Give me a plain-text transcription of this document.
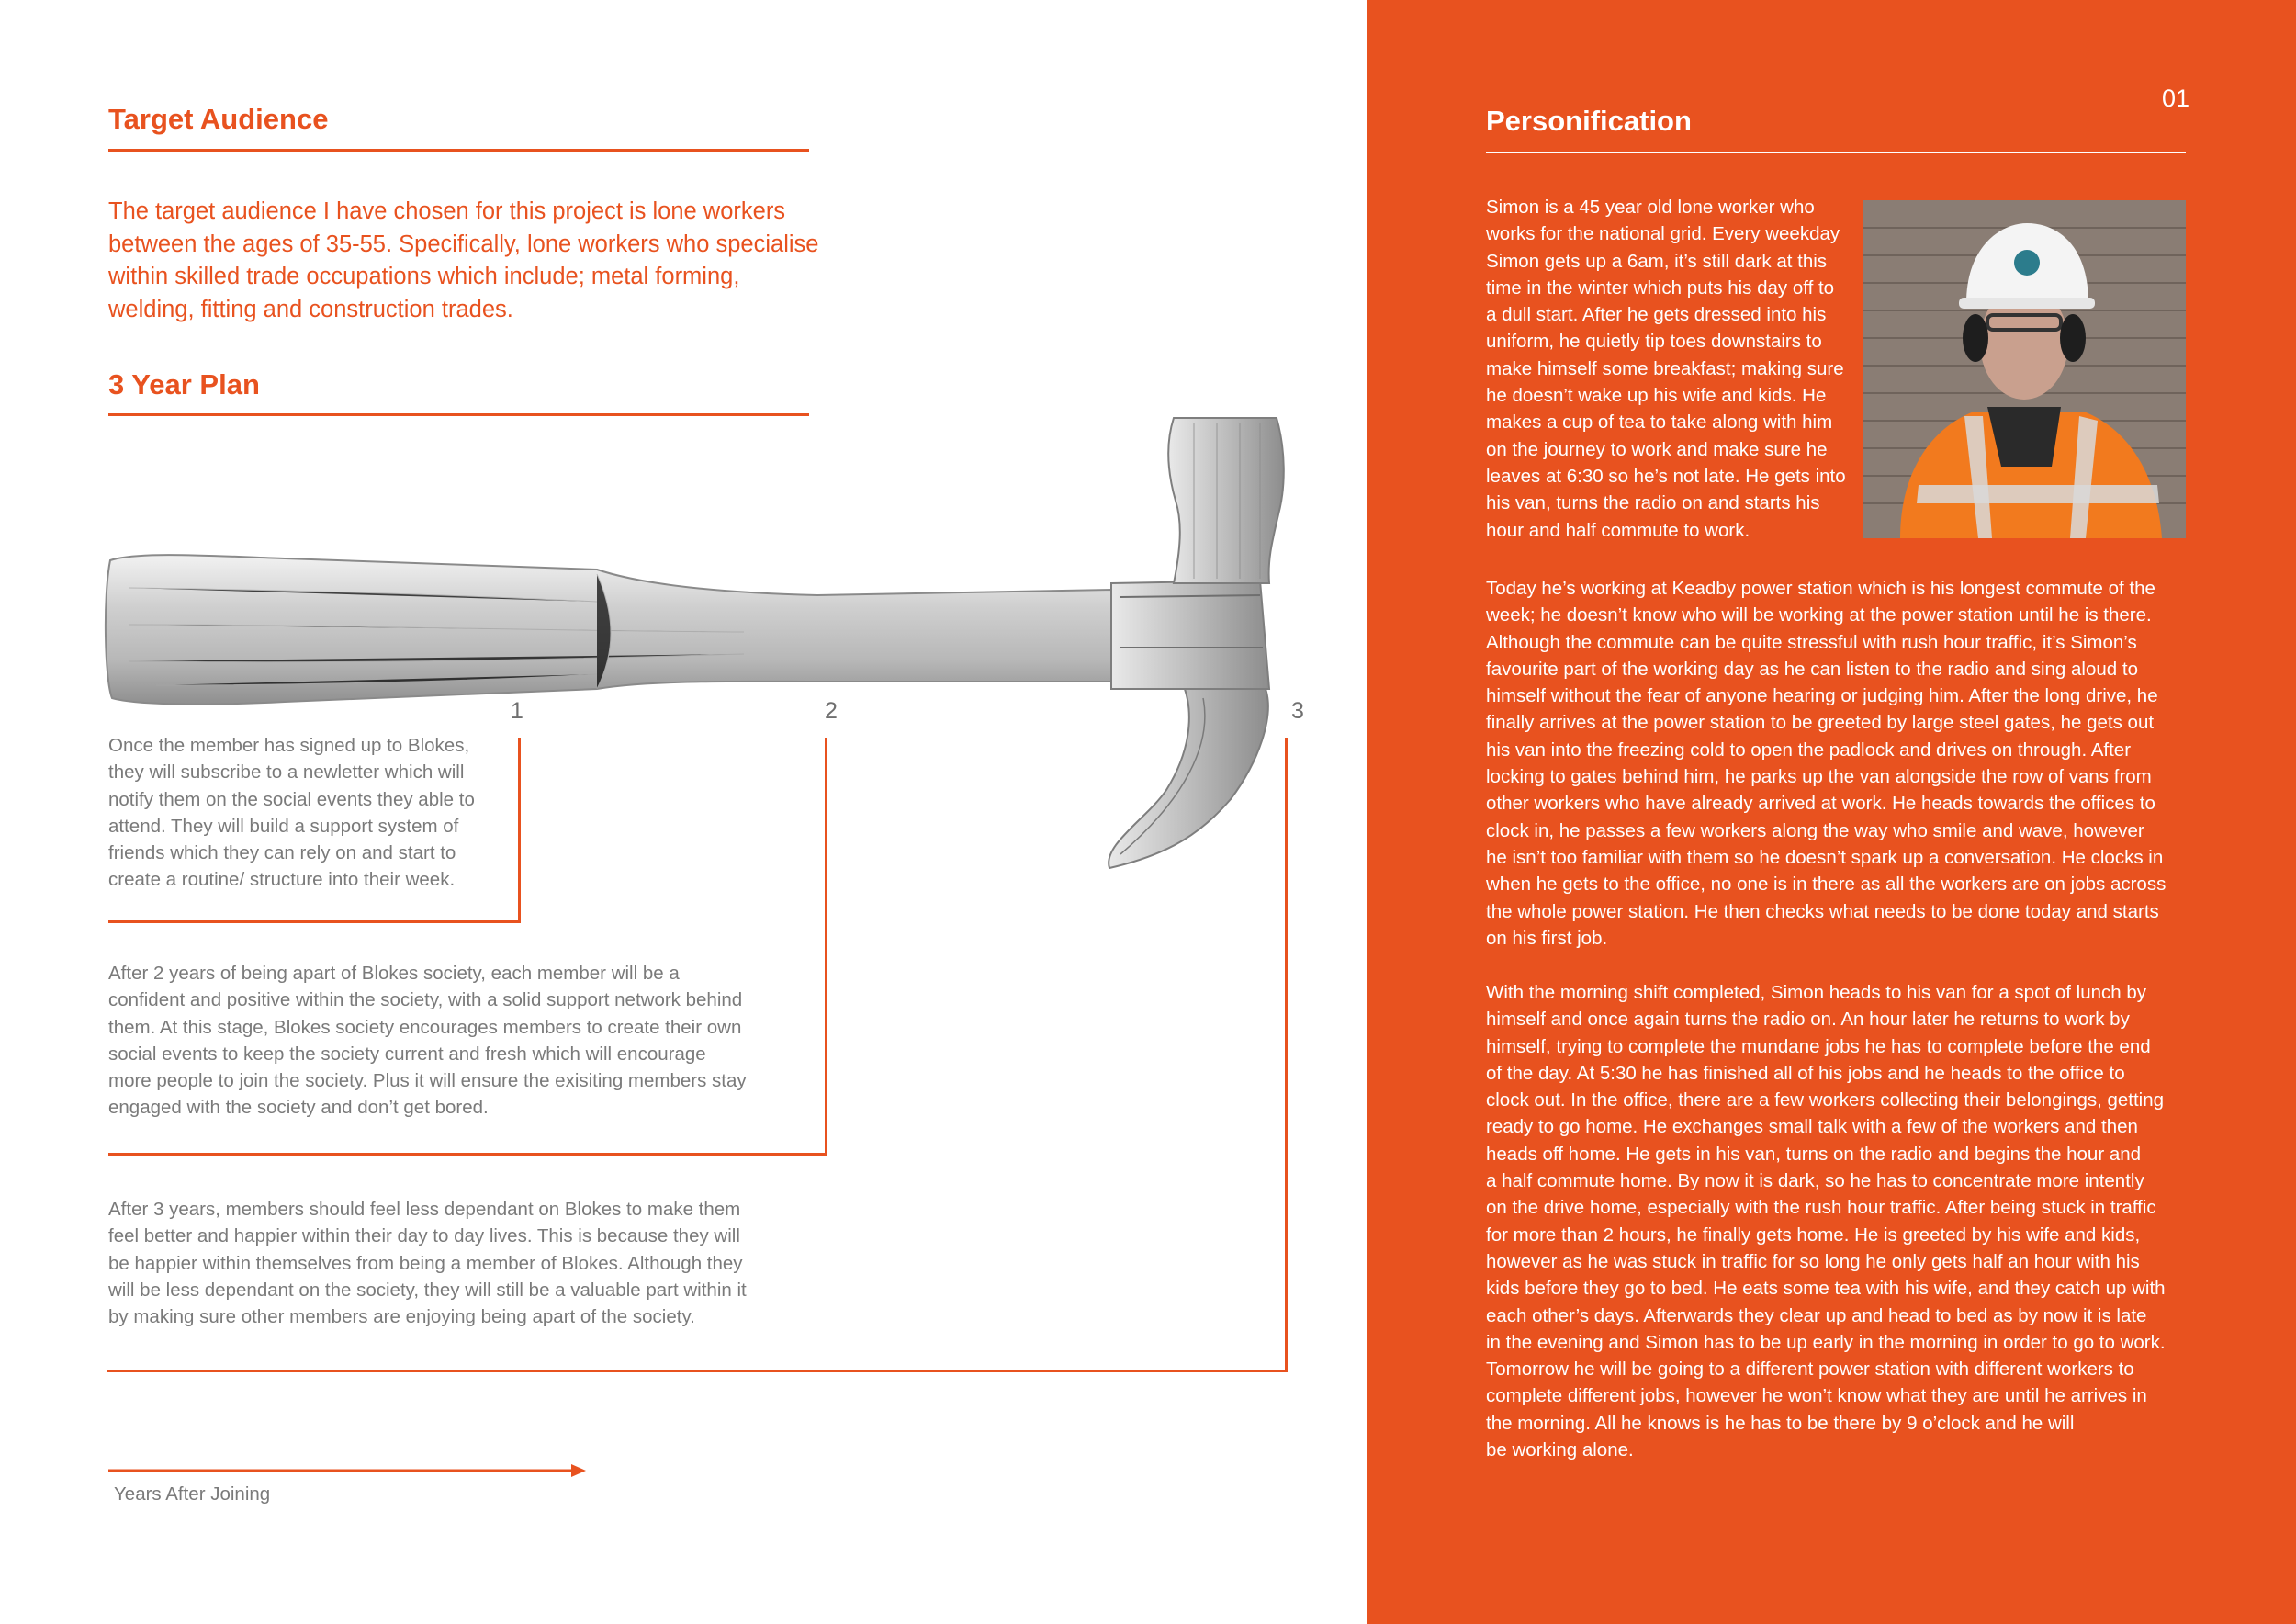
Target Audience
The target audience I have chosen for this project is lone workers
between the ages of 35-55. Specifically, lone workers who specialise
within skilled trade occupations which include; metal forming,
welding, fitting and construction trades.
3 Year Plan
1	2	3
Once the member has signed up to Blokes,
they will subscribe to a newletter which will
notify them on the social events they able to
attend. They will build a support system of
friends which they can rely on and start to
create a routine/ structure into their week.
After 2 years of being apart of Blokes society, each member will be a
confident and positive within the society, with a solid support network behind
them. At this stage, Blokes society encourages members to create their own
social events to keep the society current and fresh which will encourage
more people to join the society. Plus it will ensure the exisiting members stay
engaged with the society and don’t get bored.
After 3 years, members should feel less dependant on Blokes to make them
feel better and happier within their day to day lives. This is because they will
be happier within themselves from being a member of Blokes. Although they
will be less dependant on the society, they will still be a valuable part within it
by making sure other members are enjoying being apart of the society.
Years After Joining
01
Personification
Simon is a 45 year old lone worker who
works for the national grid. Every weekday
Simon gets up a 6am, it’s still dark at this
time in the winter which puts his day off to
a dull start. After he gets dressed into his
uniform, he quietly tip toes downstairs to
make himself some breakfast; making sure
he doesn’t wake up his wife and kids. He
makes a cup of tea to take along with him
on the journey to work and make sure he
leaves at 6:30 so he’s not late. He gets into
his van, turns the radio on and starts his
hour and half commute to work.
Today he’s working at Keadby power station which is his longest commute of the
week; he doesn’t know who will be working at the power station until he is there.
Although the commute can be quite stressful with rush hour traffic, it’s Simon’s
favourite part of the working day as he can listen to the radio and sing aloud to
himself without the fear of anyone hearing or judging him. After the long drive, he
finally arrives at the power station to be greeted by large steel gates, he gets out
his van into the freezing cold to open the padlock and drives on through. After
locking to gates behind him, he parks up the van alongside the row of vans from
other workers who have already arrived at work. He heads towards the offices to
clock in, he passes a few workers along the way who smile and wave, however
he isn’t too familiar with them so he doesn’t spark up a conversation. He clocks in
when he gets to the office, no one is in there as all the workers are on jobs across
the whole power station. He then checks what needs to be done today and starts
on his first job.
With the morning shift completed, Simon heads to his van for a spot of lunch by
himself and once again turns the radio on. An hour later he returns to work by
himself, trying to complete the mundane jobs he has to complete before the end
of the day. At 5:30 he has finished all of his jobs and he heads to the office to
clock out. In the office, there are a few workers collecting their belongings, getting
ready to go home. He exchanges small talk with a few of the workers and then
heads off home. He gets in his van, turns on the radio and begins the hour and
a half commute home. By now it is dark, so he has to concentrate more intently
on the drive home, especially with the rush hour traffic. After being stuck in traffic
for more than 2 hours, he finally gets home. He is greeted by his wife and kids,
however as he was stuck in traffic for so long he only gets half an hour with his
kids before they go to bed. He eats some tea with his wife, and they catch up with
each other’s days. Afterwards they clear up and head to bed as by now it is late
in the evening and Simon has to be up early in the morning in order to go to work.
Tomorrow he will be going to a different power station with different workers to
complete different jobs, however he won’t know what they are until he arrives in
the morning. All he knows is he has to be there by 9 o’clock and he will
be working alone.
